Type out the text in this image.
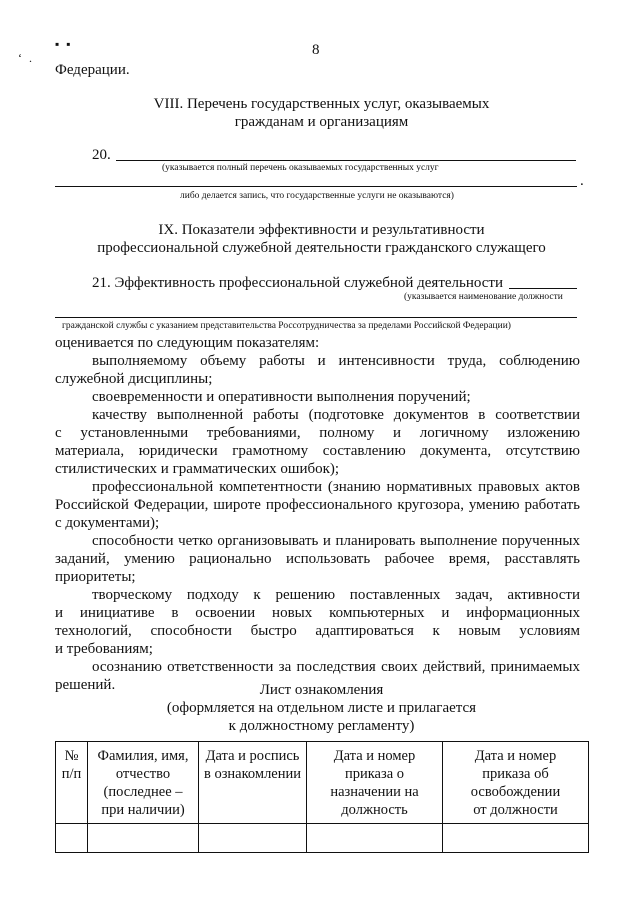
▪ ▪
‘ .	8
Федерации.
VIII. Перечень государственных услуг, оказываемых
гражданам и организациям
20.
(указывается полный перечень оказываемых государственных услуг
.
либо делается запись, что государственные услуги не оказываются)
IX. Показатели эффективности и результативности
профессиональной служебной деятельности гражданского служащего
21. Эффективность профессиональной служебной деятельности
(указывается наименование должности
гражданской службы с указанием представительства Россотрудничества за пределами Российской Федерации)
оценивается по следующим показателям:
выполняемому объему работы и интенсивности труда, соблюдению
служебной дисциплины;
своевременности и оперативности выполнения поручений;
качеству выполненной работы (подготовке документов в соответствии
с установленными требованиями, полному и логичному изложению
материала, юридически грамотному составлению документа, отсутствию
стилистических и грамматических ошибок);
профессиональной компетентности (знанию нормативных правовых актов
Российской Федерации, широте профессионального кругозора, умению работать
с документами);
способности четко организовывать и планировать выполнение порученных
заданий, умению рационально использовать рабочее время, расставлять
приоритеты;
творческому подходу к решению поставленных задач, активности
и инициативе в освоении новых компьютерных и информационных
технологий, способности быстро адаптироваться к новым условиям
и требованиям;
осознанию ответственности за последствия своих действий, принимаемых
решений.	Лист ознакомления
(оформляется на отдельном листе и прилагается
к должностному регламенту)
№
п/п	Фамилия, имя,
отчество
(последнее –
при наличии)	Дата и роспись
в ознакомлении	Дата и номер
приказа о
назначении на
должность	Дата и номер
приказа об
освобождении
от должности
